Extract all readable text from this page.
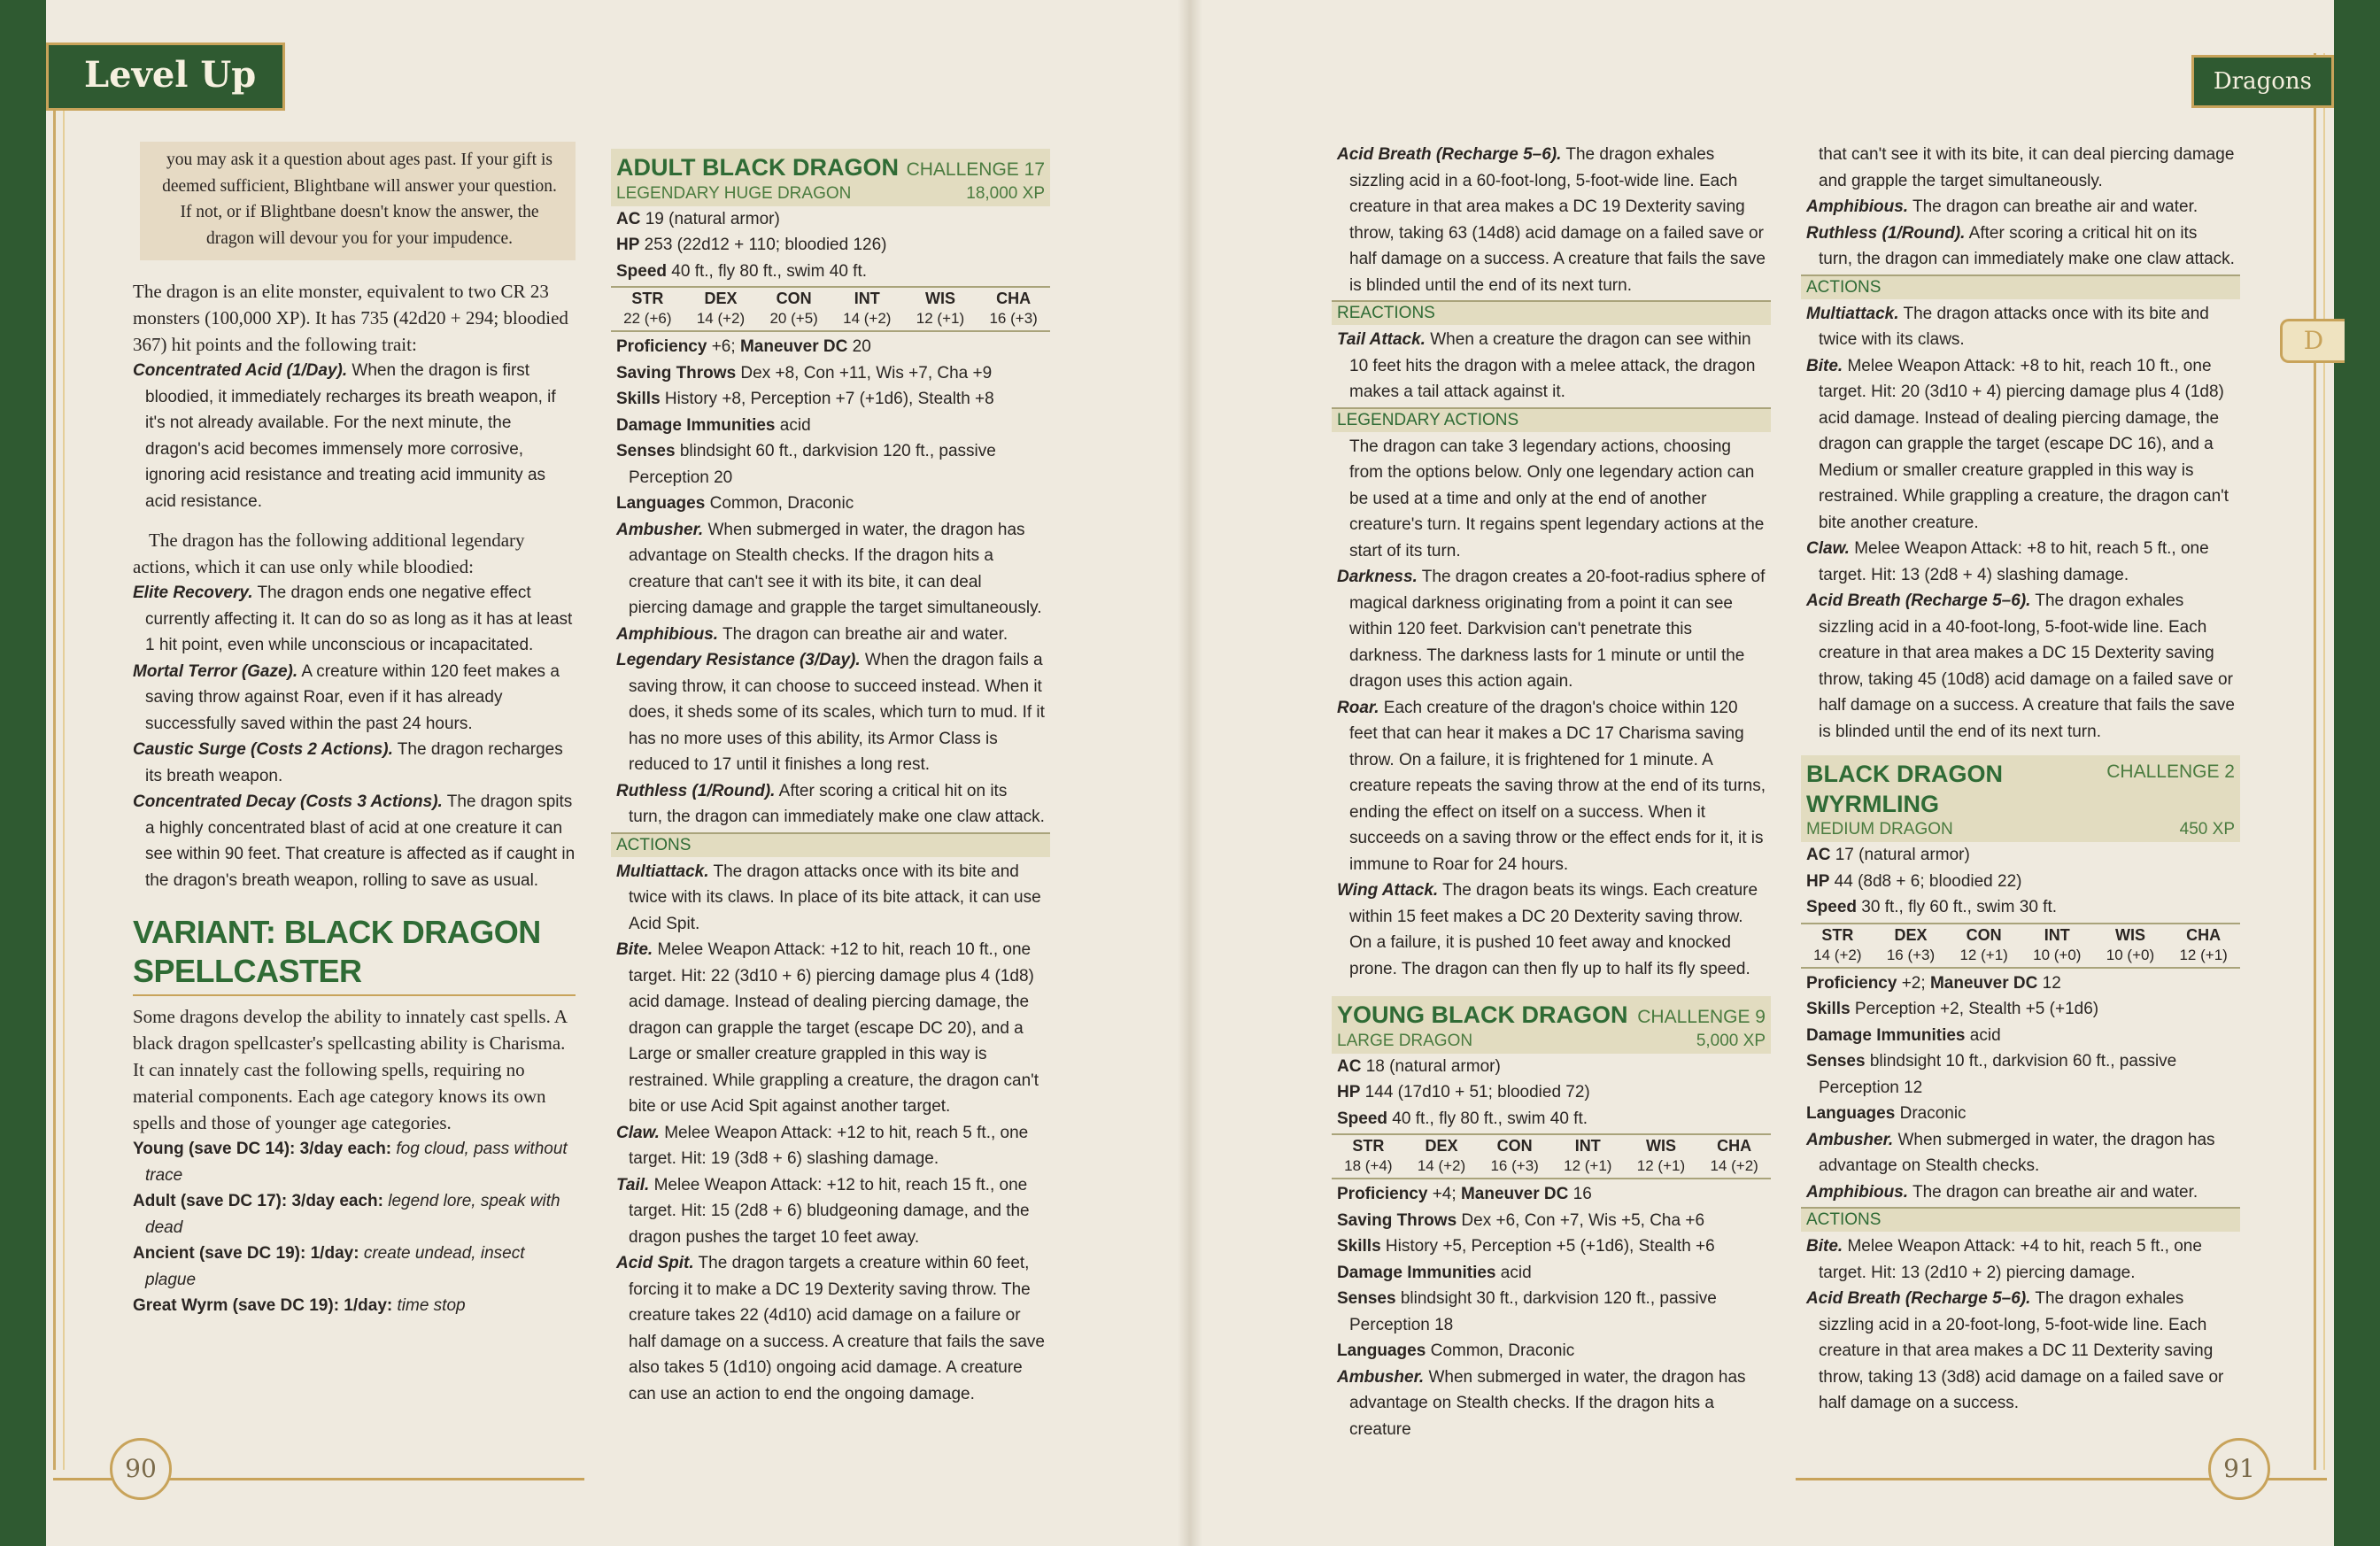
Level Up
90
you may ask it a question about ages past. If your gift is deemed sufficient, Blightbane will answer your question. If not, or if Blightbane doesn't know the answer, the dragon will devour you for your impudence.

The dragon is an elite monster, equivalent to two CR 23 monsters (100,000 XP). It has 735 (42d20 + 294; bloodied 367) hit points and the following trait:

Concentrated Acid (1/Day). When the dragon is first bloodied, it immediately recharges its breath weapon, if it's not already available. For the next minute, the dragon's acid becomes immensely more corrosive, ignoring acid resistance and treating acid immunity as acid resistance.

The dragon has the following additional legendary actions, which it can use only while bloodied:

Elite Recovery. The dragon ends one negative effect currently affecting it. It can do so as long as it has at least 1 hit point, even while unconscious or incapacitated.

Mortal Terror (Gaze). A creature within 120 feet makes a saving throw against Roar, even if it has already successfully saved within the past 24 hours.

Caustic Surge (Costs 2 Actions). The dragon recharges its breath weapon.

Concentrated Decay (Costs 3 Actions). The dragon spits a highly concentrated blast of acid at one creature it can see within 90 feet. That creature is affected as if caught in the dragon's breath weapon, rolling to save as usual.

VARIANT: BLACK DRAGON SPELLCASTER

Some dragons develop the ability to innately cast spells. A black dragon spellcaster's spellcasting ability is Charisma. It can innately cast the following spells, requiring no material components. Each age category knows its own spells and those of younger age categories.

Young (save DC 14): 3/day each: fog cloud, pass without trace

Adult (save DC 17): 3/day each: legend lore, speak with dead

Ancient (save DC 19): 1/day: create undead, insect plague

Great Wyrm (save DC 19): 1/day: time stop

ADULT BLACK DRAGON CHALLENGE 17
LEGENDARY HUGE DRAGON	18,000 XP

AC 19 (natural armor)

HP 253 (22d12 + 110; bloodied 126)

Speed 40 ft., fly 80 ft., swim 40 ft.

STR	DEX	CON	INT	WIS	CHA
22 (+6)	14 (+2)	20 (+5)	14 (+2)	12 (+1)	16 (+3)

Proficiency +6; Maneuver DC 20

Saving Throws Dex +8, Con +11, Wis +7, Cha +9

Skills History +8, Perception +7 (+1d6), Stealth +8

Damage Immunities acid

Senses blindsight 60 ft., darkvision 120 ft., passive Perception 20

Languages Common, Draconic

Ambusher. When submerged in water, the dragon has advantage on Stealth checks. If the dragon hits a creature that can't see it with its bite, it can deal piercing damage and grapple the target simultaneously.

Amphibious. The dragon can breathe air and water.

Legendary Resistance (3/Day). When the dragon fails a saving throw, it can choose to succeed instead. When it does, it sheds some of its scales, which turn to mud. If it has no more uses of this ability, its Armor Class is reduced to 17 until it finishes a long rest.

Ruthless (1/Round). After scoring a critical hit on its turn, the dragon can immediately make one claw attack.

ACTIONS

Multiattack. The dragon attacks once with its bite and twice with its claws. In place of its bite attack, it can use Acid Spit.

Bite. Melee Weapon Attack: +12 to hit, reach 10 ft., one target. Hit: 22 (3d10 + 6) piercing damage plus 4 (1d8) acid damage. Instead of dealing piercing damage, the dragon can grapple the target (escape DC 20), and a Large or smaller creature grappled in this way is restrained. While grappling a creature, the dragon can't bite or use Acid Spit against another target.

Claw. Melee Weapon Attack: +12 to hit, reach 5 ft., one target. Hit: 19 (3d8 + 6) slashing damage.

Tail. Melee Weapon Attack: +12 to hit, reach 15 ft., one target. Hit: 15 (2d8 + 6) bludgeoning damage, and the dragon pushes the target 10 feet away.

Acid Spit. The dragon targets a creature within 60 feet, forcing it to make a DC 19 Dexterity saving throw. The creature takes 22 (4d10) acid damage on a failure or half damage on a success. A creature that fails the save also takes 5 (1d10) ongoing acid damage. A creature can use an action to end the ongoing damage.

Dragons
D
91

Acid Breath (Recharge 5–6). The dragon exhales sizzling acid in a 60-foot-long, 5-foot-wide line. Each creature in that area makes a DC 19 Dexterity saving throw, taking 63 (14d8) acid damage on a failed save or half damage on a success. A creature that fails the save is blinded until the end of its next turn.

REACTIONS

Tail Attack. When a creature the dragon can see within 10 feet hits the dragon with a melee attack, the dragon makes a tail attack against it.

LEGENDARY ACTIONS

The dragon can take 3 legendary actions, choosing from the options below. Only one legendary action can be used at a time and only at the end of another creature's turn. It regains spent legendary actions at the start of its turn.

Darkness. The dragon creates a 20-foot-radius sphere of magical darkness originating from a point it can see within 120 feet. Darkvision can't penetrate this darkness. The darkness lasts for 1 minute or until the dragon uses this action again.

Roar. Each creature of the dragon's choice within 120 feet that can hear it makes a DC 17 Charisma saving throw. On a failure, it is frightened for 1 minute. A creature repeats the saving throw at the end of its turns, ending the effect on itself on a success. When it succeeds on a saving throw or the effect ends for it, it is immune to Roar for 24 hours.

Wing Attack. The dragon beats its wings. Each creature within 15 feet makes a DC 20 Dexterity saving throw. On a failure, it is pushed 10 feet away and knocked prone. The dragon can then fly up to half its fly speed.

YOUNG BLACK DRAGON CHALLENGE 9
LARGE DRAGON	5,000 XP

AC 18 (natural armor)

HP 144 (17d10 + 51; bloodied 72)

Speed 40 ft., fly 80 ft., swim 40 ft.

STR	DEX	CON	INT	WIS	CHA
18 (+4)	14 (+2)	16 (+3)	12 (+1)	12 (+1)	14 (+2)

Proficiency +4; Maneuver DC 16

Saving Throws Dex +6, Con +7, Wis +5, Cha +6

Skills History +5, Perception +5 (+1d6), Stealth +6

Damage Immunities acid

Senses blindsight 30 ft., darkvision 120 ft., passive Perception 18

Languages Common, Draconic

Ambusher. When submerged in water, the dragon has advantage on Stealth checks. If the dragon hits a creature

that can't see it with its bite, it can deal piercing damage and grapple the target simultaneously.

Amphibious. The dragon can breathe air and water.

Ruthless (1/Round). After scoring a critical hit on its turn, the dragon can immediately make one claw attack.

ACTIONS

Multiattack. The dragon attacks once with its bite and twice with its claws.

Bite. Melee Weapon Attack: +8 to hit, reach 10 ft., one target. Hit: 20 (3d10 + 4) piercing damage plus 4 (1d8) acid damage. Instead of dealing piercing damage, the dragon can grapple the target (escape DC 16), and a Medium or smaller creature grappled in this way is restrained. While grappling a creature, the dragon can't bite another creature.

Claw. Melee Weapon Attack: +8 to hit, reach 5 ft., one target. Hit: 13 (2d8 + 4) slashing damage.

Acid Breath (Recharge 5–6). The dragon exhales sizzling acid in a 40-foot-long, 5-foot-wide line. Each creature in that area makes a DC 15 Dexterity saving throw, taking 45 (10d8) acid damage on a failed save or half damage on a success. A creature that fails the save is blinded until the end of its next turn.

BLACK DRAGON WYRMLING
CHALLENGE 2
MEDIUM DRAGON	450 XP

AC 17 (natural armor)

HP 44 (8d8 + 6; bloodied 22)

Speed 30 ft., fly 60 ft., swim 30 ft.

STR	DEX	CON	INT	WIS	CHA
14 (+2)	16 (+3)	12 (+1)	10 (+0)	10 (+0)	12 (+1)

Proficiency +2; Maneuver DC 12

Skills Perception +2, Stealth +5 (+1d6)

Damage Immunities acid

Senses blindsight 10 ft., darkvision 60 ft., passive Perception 12

Languages Draconic

Ambusher. When submerged in water, the dragon has advantage on Stealth checks.

Amphibious. The dragon can breathe air and water.

ACTIONS

Bite. Melee Weapon Attack: +4 to hit, reach 5 ft., one target. Hit: 13 (2d10 + 2) piercing damage.

Acid Breath (Recharge 5–6). The dragon exhales sizzling acid in a 20-foot-long, 5-foot-wide line. Each creature in that area makes a DC 11 Dexterity saving throw, taking 13 (3d8) acid damage on a failed save or half damage on a success.
